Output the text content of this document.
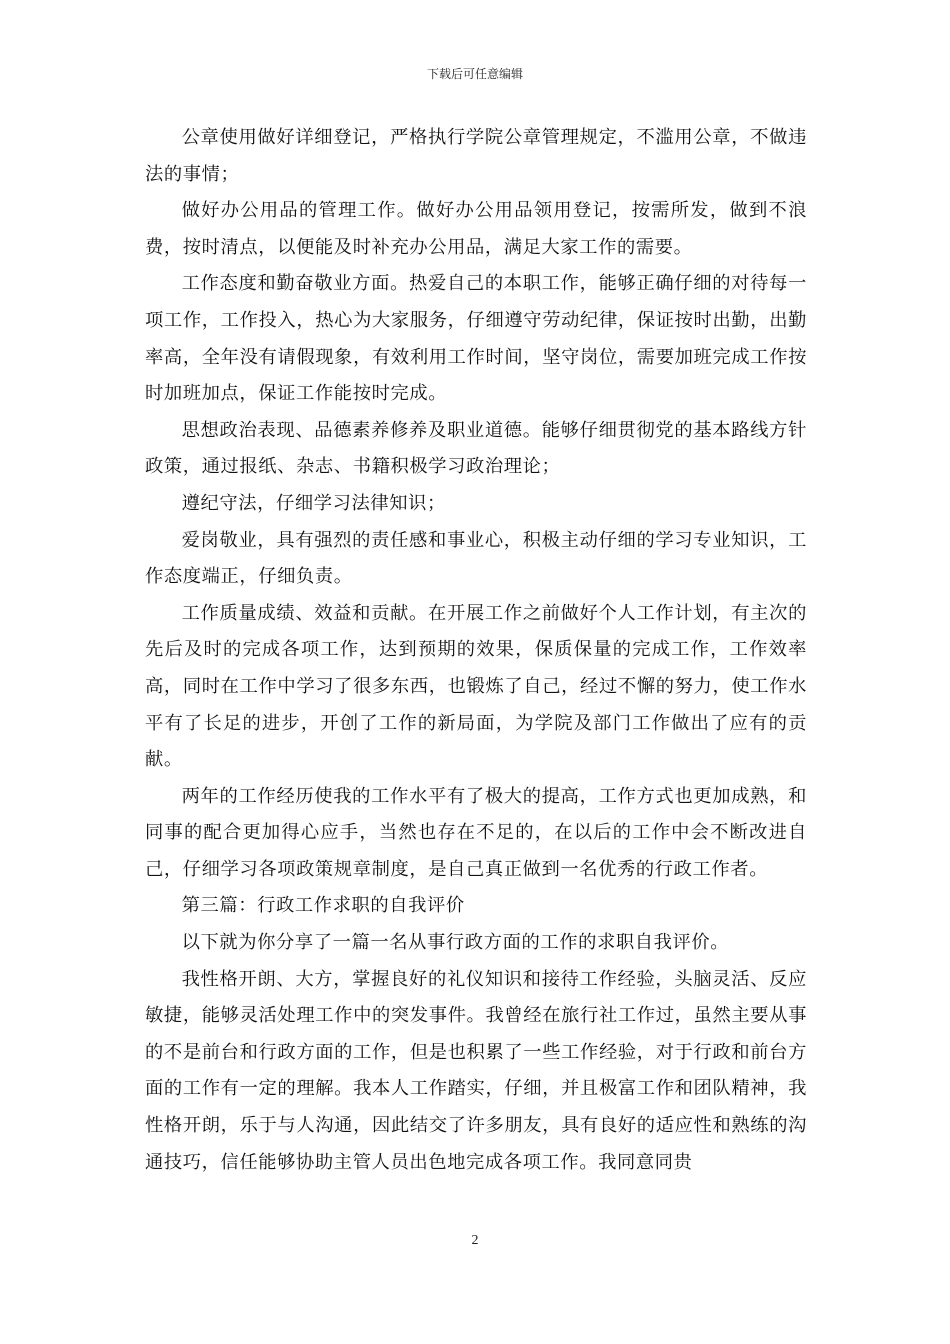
下载后可任意编辑

公章使用做好详细登记，严格执行学院公章管理规定，不滥用公章，不做违法的事情；

做好办公用品的管理工作。做好办公用品领用登记，按需所发，做到不浪费，按时清点，以便能及时补充办公用品，满足大家工作的需要。

工作态度和勤奋敬业方面。热爱自己的本职工作，能够正确仔细的对待每一项工作，工作投入，热心为大家服务，仔细遵守劳动纪律，保证按时出勤，出勤率高，全年没有请假现象，有效利用工作时间，坚守岗位，需要加班完成工作按时加班加点，保证工作能按时完成。

思想政治表现、品德素养修养及职业道德。能够仔细贯彻党的基本路线方针政策，通过报纸、杂志、书籍积极学习政治理论；

遵纪守法，仔细学习法律知识；

爱岗敬业，具有强烈的责任感和事业心，积极主动仔细的学习专业知识，工作态度端正，仔细负责。

工作质量成绩、效益和贡献。在开展工作之前做好个人工作计划，有主次的先后及时的完成各项工作，达到预期的效果，保质保量的完成工作，工作效率高，同时在工作中学习了很多东西，也锻炼了自己，经过不懈的努力，使工作水平有了长足的进步，开创了工作的新局面，为学院及部门工作做出了应有的贡献。

两年的工作经历使我的工作水平有了极大的提高，工作方式也更加成熟，和同事的配合更加得心应手，当然也存在不足的，在以后的工作中会不断改进自己，仔细学习各项政策规章制度，是自己真正做到一名优秀的行政工作者。

第三篇：行政工作求职的自我评价

以下就为你分享了一篇一名从事行政方面的工作的求职自我评价。

我性格开朗、大方，掌握良好的礼仪知识和接待工作经验，头脑灵活、反应敏捷，能够灵活处理工作中的突发事件。我曾经在旅行社工作过，虽然主要从事的不是前台和行政方面的工作，但是也积累了一些工作经验，对于行政和前台方面的工作有一定的理解。我本人工作踏实，仔细，并且极富工作和团队精神，我性格开朗，乐于与人沟通，因此结交了许多朋友，具有良好的适应性和熟练的沟通技巧，信任能够协助主管人员出色地完成各项工作。我同意同贵

2
